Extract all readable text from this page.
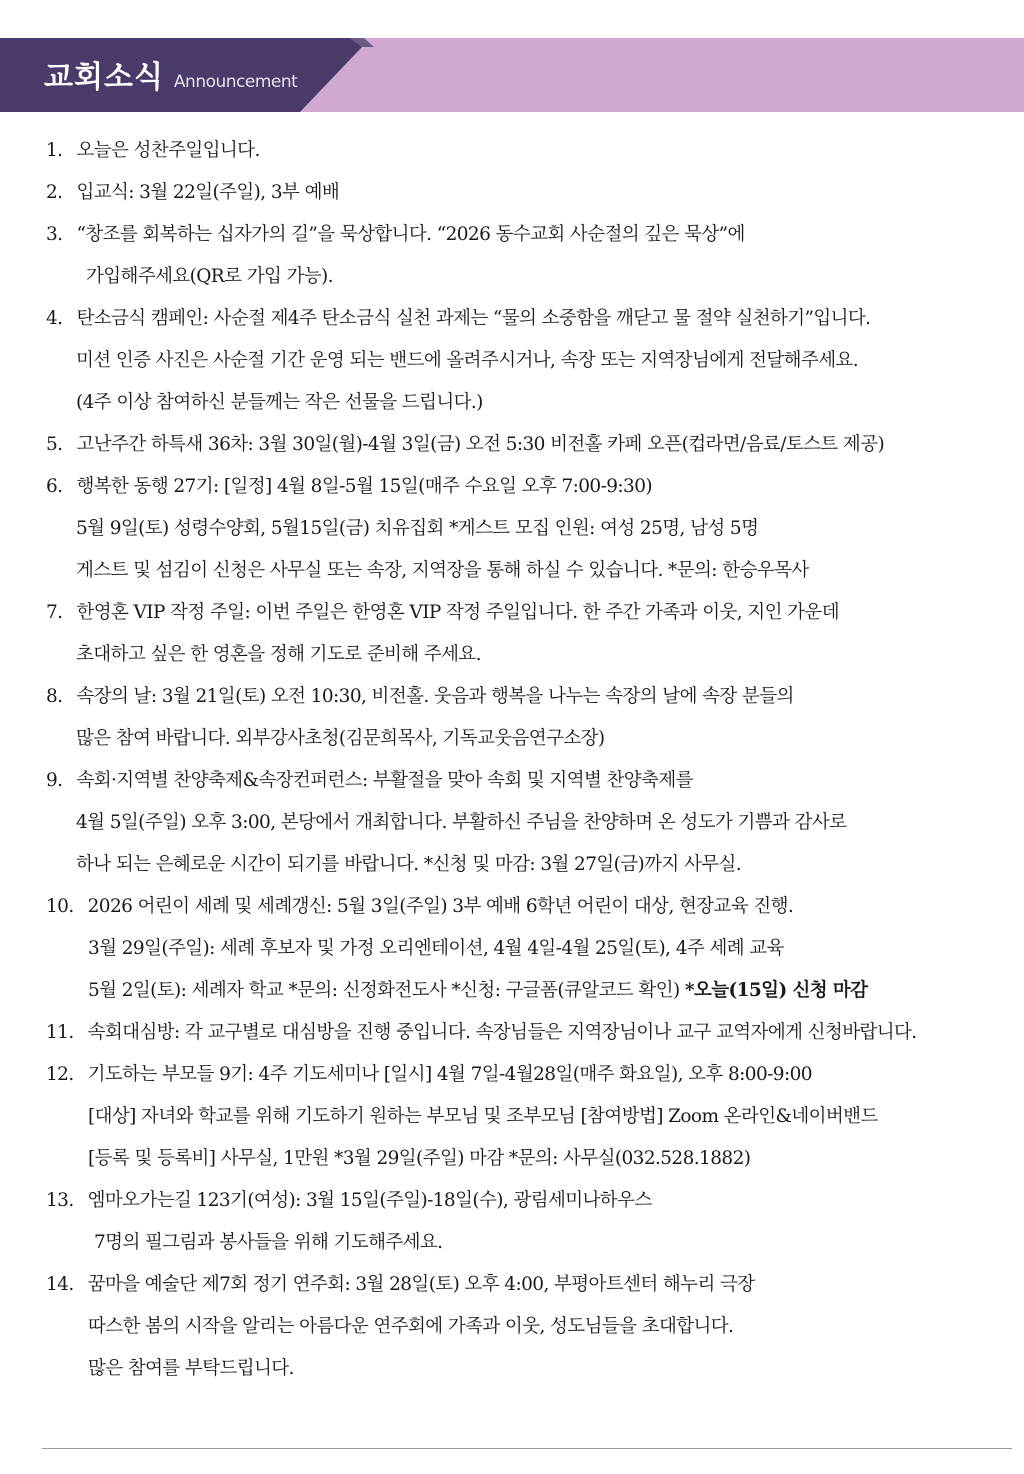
교회소식 Announcement
1. 오늘은 성찬주일입니다.
2. 입교식: 3월 22일(주일), 3부 예배
3. “창조를 회복하는 십자가의 길”을 묵상합니다. “2026 동수교회 사순절의 깊은 묵상”에
가입해주세요(QR로 가입 가능).
4. 탄소금식 캠페인: 사순절 제4주 탄소금식 실천 과제는 “물의 소중함을 깨닫고 물 절약 실천하기”입니다.
미션 인증 사진은 사순절 기간 운영 되는 밴드에 올려주시거나, 속장 또는 지역장님에게 전달해주세요.
(4주 이상 참여하신 분들께는 작은 선물을 드립니다.)
5. 고난주간 하특새 36차: 3월 30일(월)-4월 3일(금) 오전 5:30 비전홀 카페 오픈(컵라면/음료/토스트 제공)
6. 행복한 동행 27기: [일정] 4월 8일-5월 15일(매주 수요일 오후 7:00-9:30)
5월 9일(토) 성령수양회, 5월15일(금) 치유집회 *게스트 모집 인원: 여성 25명, 남성 5명
게스트 및 섬김이 신청은 사무실 또는 속장, 지역장을 통해 하실 수 있습니다. *문의: 한승우목사
7. 한영혼 VIP 작정 주일: 이번 주일은 한영혼 VIP 작정 주일입니다. 한 주간 가족과 이웃, 지인 가운데
초대하고 싶은 한 영혼을 정해 기도로 준비해 주세요.
8. 속장의 날: 3월 21일(토) 오전 10:30, 비전홀. 웃음과 행복을 나누는 속장의 날에 속장 분들의
많은 참여 바랍니다. 외부강사초청(김문희목사, 기독교웃음연구소장)
9. 속회·지역별 찬양축제&속장컨퍼런스: 부활절을 맞아 속회 및 지역별 찬양축제를
4월 5일(주일) 오후 3:00, 본당에서 개최합니다. 부활하신 주님을 찬양하며 온 성도가 기쁨과 감사로
하나 되는 은혜로운 시간이 되기를 바랍니다. *신청 및 마감: 3월 27일(금)까지 사무실.
10. 2026 어린이 세례 및 세례갱신: 5월 3일(주일) 3부 예배 6학년 어린이 대상, 현장교육 진행.
3월 29일(주일): 세례 후보자 및 가정 오리엔테이션, 4월 4일-4월 25일(토), 4주 세례 교육
5월 2일(토): 세례자 학교 *문의: 신정화전도사 *신청: 구글폼(큐알코드 확인) *오늘(15일) 신청 마감
11. 속회대심방: 각 교구별로 대심방을 진행 중입니다. 속장님들은 지역장님이나 교구 교역자에게 신청바랍니다.
12. 기도하는 부모들 9기: 4주 기도세미나 [일시] 4월 7일-4월28일(매주 화요일), 오후 8:00-9:00
[대상] 자녀와 학교를 위해 기도하기 원하는 부모님 및 조부모님 [참여방법] Zoom 온라인&네이버밴드
[등록 및 등록비] 사무실, 1만원 *3월 29일(주일) 마감 *문의: 사무실(032.528.1882)
13. 엠마오가는길 123기(여성): 3월 15일(주일)-18일(수), 광림세미나하우스
7명의 필그림과 봉사들을 위해 기도해주세요.
14. 꿈마을 예술단 제7회 정기 연주회: 3월 28일(토) 오후 4:00, 부평아트센터 해누리 극장
따스한 봄의 시작을 알리는 아름다운 연주회에 가족과 이웃, 성도님들을 초대합니다.
많은 참여를 부탁드립니다.
